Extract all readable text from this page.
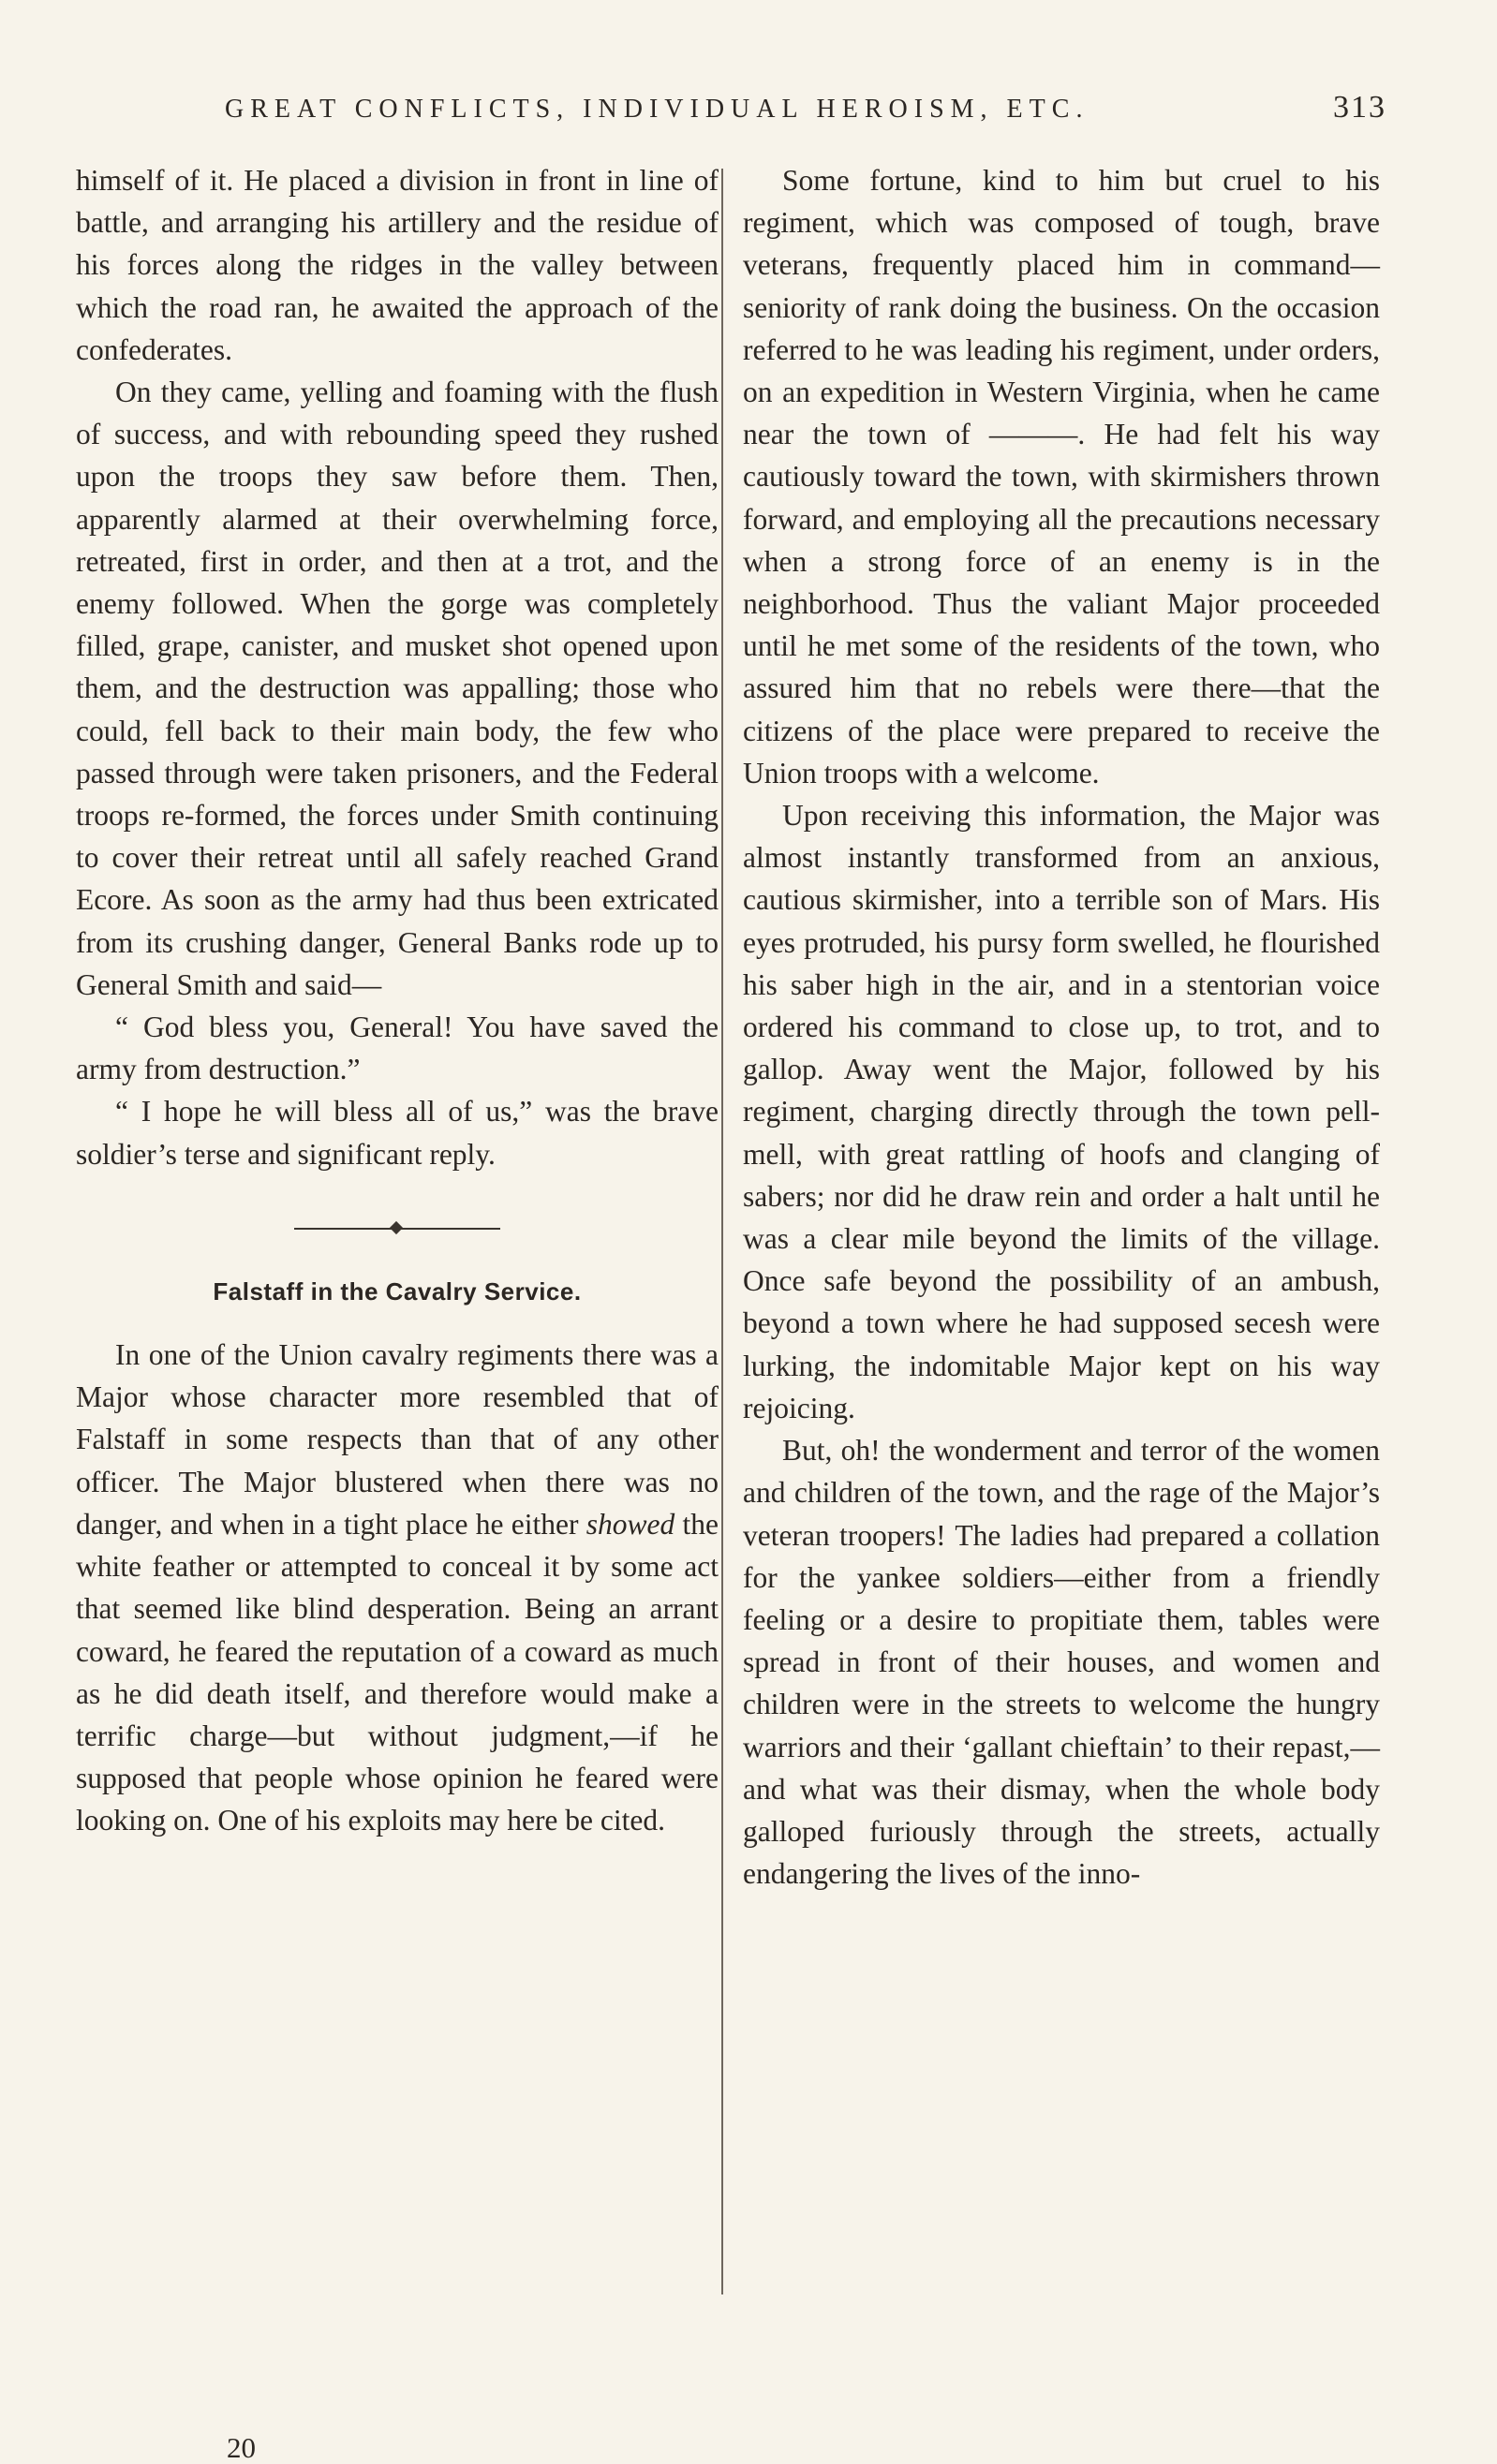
GREAT CONFLICTS, INDIVIDUAL HEROISM, ETC.	313

himself of it. He placed a division in front in line of battle, and arranging his artillery and the residue of his forces along the ridges in the valley between which the road ran, he awaited the approach of the confederates.

On they came, yelling and foaming with the flush of success, and with rebounding speed they rushed upon the troops they saw before them. Then, apparently alarmed at their overwhelming force, retreated, first in order, and then at a trot, and the enemy followed. When the gorge was completely filled, grape, canister, and musket shot opened upon them, and the destruction was appalling; those who could, fell back to their main body, the few who passed through were taken prisoners, and the Federal troops re-formed, the forces under Smith continuing to cover their retreat until all safely reached Grand Ecore. As soon as the army had thus been extricated from its crushing danger, General Banks rode up to General Smith and said—

“ God bless you, General! You have saved the army from destruction.”

“ I hope he will bless all of us,” was the brave soldier’s terse and significant reply.

Falstaff in the Cavalry Service.

In one of the Union cavalry regiments there was a Major whose character more resembled that of Falstaff in some respects than that of any other officer. The Major blustered when there was no danger, and when in a tight place he either showed the white feather or attempted to conceal it by some act that seemed like blind desperation. Being an arrant coward, he feared the reputation of a coward as much as he did death itself, and therefore would make a terrific charge—but without judgment,—if he supposed that people whose opinion he feared were looking on. One of his exploits may here be cited.

Some fortune, kind to him but cruel to his regiment, which was composed of tough, brave veterans, frequently placed him in command—seniority of rank doing the business. On the occasion referred to he was leading his regiment, under orders, on an expedition in Western Virginia, when he came near the town of ———. He had felt his way cautiously toward the town, with skirmishers thrown forward, and employing all the precautions necessary when a strong force of an enemy is in the neighborhood. Thus the valiant Major proceeded until he met some of the residents of the town, who assured him that no rebels were there—that the citizens of the place were prepared to receive the Union troops with a welcome.

Upon receiving this information, the Major was almost instantly transformed from an anxious, cautious skirmisher, into a terrible son of Mars. His eyes protruded, his pursy form swelled, he flourished his saber high in the air, and in a stentorian voice ordered his command to close up, to trot, and to gallop. Away went the Major, followed by his regiment, charging directly through the town pell-mell, with great rattling of hoofs and clanging of sabers; nor did he draw rein and order a halt until he was a clear mile beyond the limits of the village. Once safe beyond the possibility of an ambush, beyond a town where he had supposed secesh were lurking, the indomitable Major kept on his way rejoicing.

But, oh! the wonderment and terror of the women and children of the town, and the rage of the Major’s veteran troopers! The ladies had prepared a collation for the yankee soldiers—either from a friendly feeling or a desire to propitiate them, tables were spread in front of their houses, and women and children were in the streets to welcome the hungry warriors and their ‘gallant chieftain’ to their repast,—and what was their dismay, when the whole body galloped furiously through the streets, actually endangering the lives of the inno-

20
